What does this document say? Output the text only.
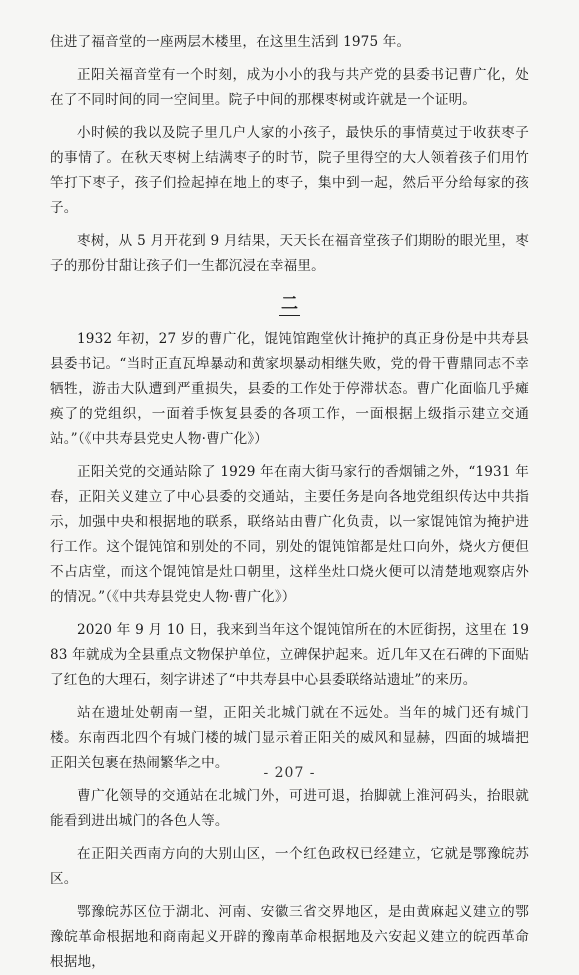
住进了福音堂的一座两层木楼里，在这里生活到 1975 年。

正阳关福音堂有一个时刻，成为小小的我与共产党的县委书记曹广化，处在了不同时间的同一空间里。院子中间的那棵枣树或许就是一个证明。

小时候的我以及院子里几户人家的小孩子，最快乐的事情莫过于收获枣子的事情了。在秋天枣树上结满枣子的时节，院子里得空的大人领着孩子们用竹竿打下枣子，孩子们捡起掉在地上的枣子，集中到一起，然后平分给每家的孩子。

枣树，从 5 月开花到 9 月结果，天天长在福音堂孩子们期盼的眼光里，枣子的那份甘甜让孩子们一生都沉浸在幸福里。

二

1932 年初，27 岁的曹广化，馄饨馆跑堂伙计掩护的真正身份是中共寿县县委书记。“当时正直瓦埠暴动和黄家坝暴动相继失败，党的骨干曹鼎同志不幸牺牲，游击大队遭到严重损失，县委的工作处于停滞状态。曹广化面临几乎瘫痪了的党组织，一面着手恢复县委的各项工作，一面根据上级指示建立交通站。”（《中共寿县党史人物·曹广化》）

正阳关党的交通站除了 1929 年在南大街马家行的香烟铺之外，“1931 年春，正阳关义建立了中心县委的交通站，主要任务是向各地党组织传达中共指示，加强中央和根据地的联系，联络站由曹广化负责，以一家馄饨馆为掩护进行工作。这个馄饨馆和别处的不同，别处的馄饨馆都是灶口向外，烧火方便但不占店堂，而这个馄饨馆是灶口朝里，这样坐灶口烧火便可以清楚地观察店外的情况。”（《中共寿县党史人物·曹广化》）

2020 年 9 月 10 日，我来到当年这个馄饨馆所在的木匠街拐，这里在 1983 年就成为全县重点文物保护单位，立碑保护起来。近几年又在石碑的下面贴了红色的大理石，刻字讲述了“中共寿县中心县委联络站遗址”的来历。

站在遗址处朝南一望，正阳关北城门就在不远处。当年的城门还有城门楼。东南西北四个有城门楼的城门显示着正阳关的威风和显赫，四面的城墙把正阳关包裹在热闹繁华之中。

曹广化领导的交通站在北城门外，可进可退，抬脚就上淮河码头，抬眼就能看到进出城门的各色人等。

在正阳关西南方向的大别山区，一个红色政权已经建立，它就是鄂豫皖苏区。

鄂豫皖苏区位于湖北、河南、安徽三省交界地区，是由黄麻起义建立的鄂豫皖革命根据地和商南起义开辟的豫南革命根据地及六安起义建立的皖西革命根据地，

- 207 -
